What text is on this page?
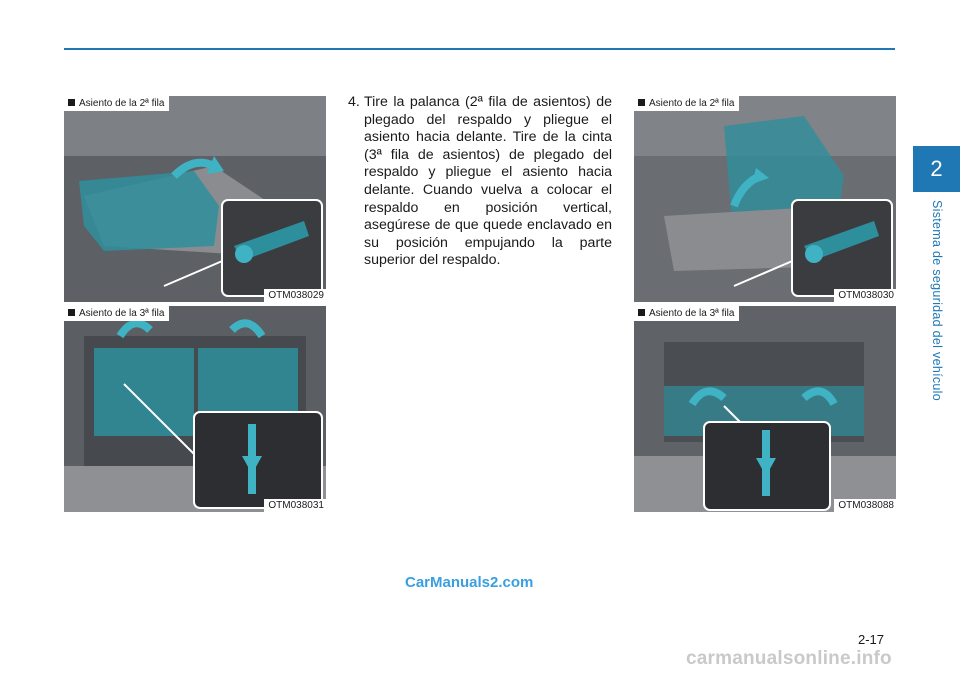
2
Sistema de seguridad del vehículo
Asiento de la 2ª fila
OTM038029
Asiento de la 3ª fila
OTM038031
4. Tire la palanca (2ª fila de asientos) de plegado del respaldo y pliegue el asiento hacia delante. Tire de la cinta (3ª fila de asientos) de plegado del respaldo y pliegue el asiento hacia delante. Cuando vuelva a colocar el respaldo en posición vertical, asegúrese de que quede enclavado en su posición empujando la parte superior del respaldo.
Asiento de la 2ª fila
OTM038030
Asiento de la 3ª fila
OTM038088
CarManuals2.com
2-17
carmanualsonline.info
